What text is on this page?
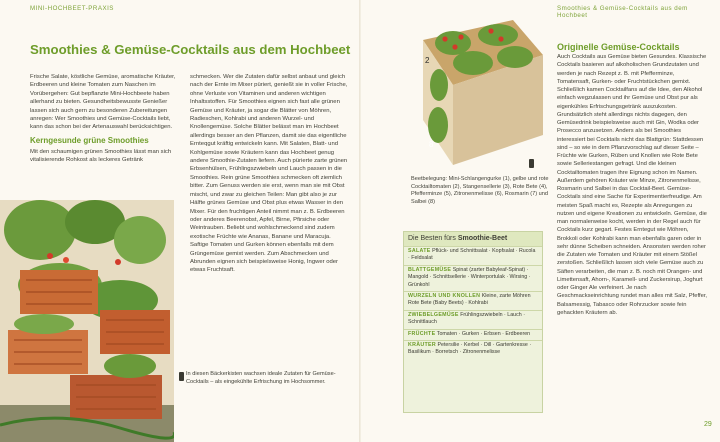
MINI-HOCHBEET-PRAXIS	Smoothies & Gemüse-Cocktails aus dem Hochbeet
Smoothies & Gemüse-Cocktails aus dem Hochbeet

Frische Salate, köstliche Gemüse, aromatische Kräuter, Erdbeeren und kleine Tomaten zum Naschen im Vorübergehen: Gut bepflanzte Mini-Hochbeete haben allerhand zu bieten. Gesundheitsbewusste Genießer lassen sich auch gern zu besonderen Zubereitungen anregen: Wer Smoothies und Gemüse-Cocktails liebt, kann das schon bei der Artenauswahl berücksichtigen.

Kerngesunde grüne Smoothies

Mit den schaumigen grünen Smoothies lässt man sich vitalisierende Rohkost als leckeres Getränk

In diesen Bäckerkisten wachsen ideale Zutaten für Gemüse-Cocktails – als eingekühlte Erfrischung im Hochsommer.

schmecken. Wer die Zutaten dafür selbst anbaut und gleich nach der Ernte im Mixer püriert, genießt sie in voller Frische, ohne Verluste von Vitaminen und anderen wichtigen Inhaltsstoffen. Für Smoothies eignen sich fast alle grünen Gemüse und Kräuter, ja sogar die Blätter von Möhren, Radieschen, Kohlrabi und anderen Wurzel- und Knollengemüse. Solche Blätter belässt man im Hochbeet allerdings besser an den Pflanzen, damit sie das eigentliche Ernteqgut kräftig entwickeln kann. Mit Salaten, Blatt- und Kohlgemüse sowie Kräutern kann das Hochbeet genug andere Smoothie-Zutaten liefern. Auch pürierte zarte grünen Erbsenhülsen, Frühlingszwiebeln und Lauch passen in die Smoothies. Rein grüne Smoothies schmecken oft ziemlich bitter. Zum Genuss werden sie erst, wenn man sie mit Obst mischt, und zwar zu gleichen Teilen: Man gibt also je zur Hälfte grünes Gemüse und Obst plus etwas Wasser in den Mixer. Für den fruchtigen Anteil nimmt man z. B. Erdbeeren oder anderes Beerenobst, Apfel, Birne, Pfirsiche oder Weintrauben. Beliebt und wohlschmeckend sind zudem exotische Früchte wie Ananas, Banane und Maracuja. Saftige Tomaten und Gurken können ebenfalls mit dem Grüngemüse gemixt werden. Zum Abschmecken und Abrunden eignen sich beispielsweise Honig, Ingwer oder etwas Fruchtsaft.

2
8
Beetbelegung: Mini-Schlangengurke (1), gelbe und rote Cocktailtomaten (2), Stangensellerie (3), Rote Bete (4), Pfefferminze (5), Zitronenmelisse (6), Rosmarin (7) und Salbei (8)
Die Besten fürs Smoothie-Beet
SALATE Pflück- und Schnittsalat · Kopfsalat · Rucola · Feldsalat
BLATTGEMÜSE Spinat (zarter Babyleaf-Spinat) · Mangold · Schnittsellerie · Winterportulak · Wirsing · Grünkohl
WURZELN UND KNOLLEN Kleine, zarte Möhren Rote Bete (Baby Beets) · Kohlrabi
ZWIEBELGEMÜSE Frühlingszwiebeln · Lauch · Schnittlauch
FRÜCHTE Tomaten · Gurken · Erbsen · Erdbeeren
KRÄUTER Petersilie · Kerbel · Dill · Gartenkresse · Basilikum · Borretsch · Zitronenmelisse
Originelle Gemüse-Cocktails

Auch Cocktails aus Gemüse bieten Gesundes. Klassische Cocktails basieren auf alkoholischen Grundzutaten und werden je nach Rezept z. B. mit Pfefferminze, Tomatensaft, Gurken- oder Fruchtstückchen gemixt. Schließlich kamen Cocktailfans auf die Idee, den Alkohol einfach wegzulassen und ihr Gemüse und Obst pur als eigenkühles Erfrischungsgetränk auszukosten. Grundsätzlich steht allerdings nichts dagegen, den Gemüsedrink beispielsweise auch mit Gin, Wodka oder Prosecco anzusetzen. Anders als bei Smoothies interessiert bei Cocktails nicht das Blattgrün: Stattdessen sind – so wie in dem Pflanzvorschlag auf dieser Seite – Früchte wie Gurken, Rüben und Knollen wie Rote Bete sowie Selleriestangen gefragt. Und die kleinen Cocktailtomaten tragen ihre Eignung schon im Namen. Außerdem gehören Kräuter wie Minze, Zitronenmelisse, Rosmarin und Salbei in das Cocktail-Beet. Gemüse-Cocktails sind eine Sache für Experimentierfreudige. Am meisten Spaß macht es, Rezepte als Anregungen zu nutzen und eigene Kreationen zu entwickeln. Gemüse, die man normalerweise kocht, werden in der Regel auch für Cocktails kurz gegart. Festes Erntegut wie Möhren, Brokkoli oder Kohlrabi kann man ebenfalls garen oder in sehr dünne Scheiben schneiden. Ansonsten werden roher die Zutaten wie Tomaten und Kräuter mit einem Stößel zerstoßen. Schließlich lassen sich viele Gemüse auch zu Säften verarbeiten, die man z. B. noch mit Orangen- und Limettensaft, Ahorn-, Karamell- und Zuckersirup, Joghurt oder Ginger Ale verfeinert. Je nach Geschmackseinrichtung rundet man alles mit Salz, Pfeffer, Balsamessig, Tabasco oder Rohrzucker sowie fein gehackten Kräutern ab.

29
